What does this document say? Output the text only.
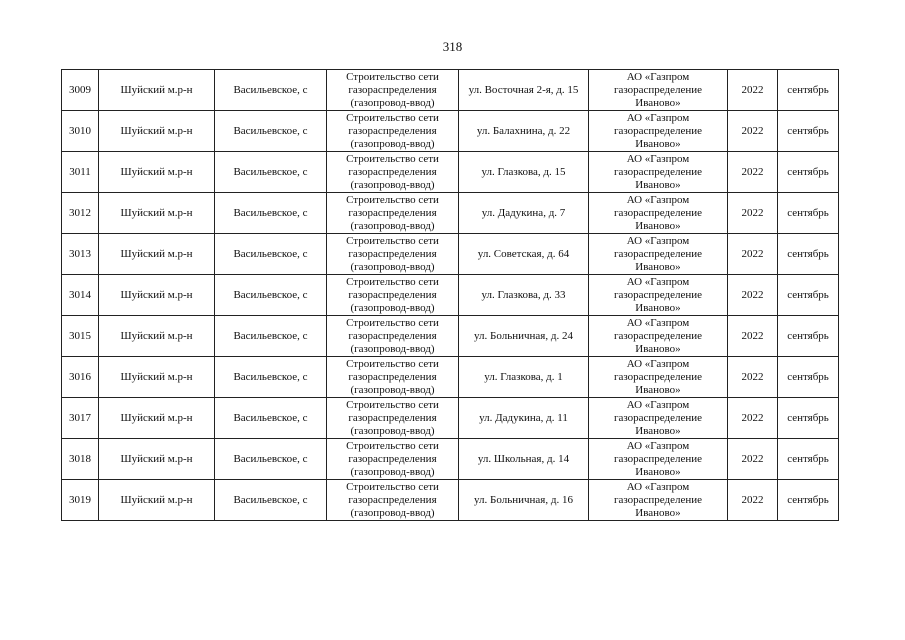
318
3009	Шуйский м.р-н	Васильевское, с	Строительство сети газораспределения (газопровод-ввод)	ул. Восточная 2-я, д. 15	АО «Газпром газораспределение Иваново»	2022	сентябрь
3010	Шуйский м.р-н	Васильевское, с	Строительство сети газораспределения (газопровод-ввод)	ул. Балахнина, д. 22	АО «Газпром газораспределение Иваново»	2022	сентябрь
3011	Шуйский м.р-н	Васильевское, с	Строительство сети газораспределения (газопровод-ввод)	ул. Глазкова, д. 15	АО «Газпром газораспределение Иваново»	2022	сентябрь
3012	Шуйский м.р-н	Васильевское, с	Строительство сети газораспределения (газопровод-ввод)	ул. Дадукина, д. 7	АО «Газпром газораспределение Иваново»	2022	сентябрь
3013	Шуйский м.р-н	Васильевское, с	Строительство сети газораспределения (газопровод-ввод)	ул. Советская, д. 64	АО «Газпром газораспределение Иваново»	2022	сентябрь
3014	Шуйский м.р-н	Васильевское, с	Строительство сети газораспределения (газопровод-ввод)	ул. Глазкова, д. 33	АО «Газпром газораспределение Иваново»	2022	сентябрь
3015	Шуйский м.р-н	Васильевское, с	Строительство сети газораспределения (газопровод-ввод)	ул. Больничная, д. 24	АО «Газпром газораспределение Иваново»	2022	сентябрь
3016	Шуйский м.р-н	Васильевское, с	Строительство сети газораспределения (газопровод-ввод)	ул. Глазкова, д. 1	АО «Газпром газораспределение Иваново»	2022	сентябрь
3017	Шуйский м.р-н	Васильевское, с	Строительство сети газораспределения (газопровод-ввод)	ул. Дадукина, д. 11	АО «Газпром газораспределение Иваново»	2022	сентябрь
3018	Шуйский м.р-н	Васильевское, с	Строительство сети газораспределения (газопровод-ввод)	ул. Школьная, д. 14	АО «Газпром газораспределение Иваново»	2022	сентябрь
3019	Шуйский м.р-н	Васильевское, с	Строительство сети газораспределения (газопровод-ввод)	ул. Больничная, д. 16	АО «Газпром газораспределение Иваново»	2022	сентябрь
